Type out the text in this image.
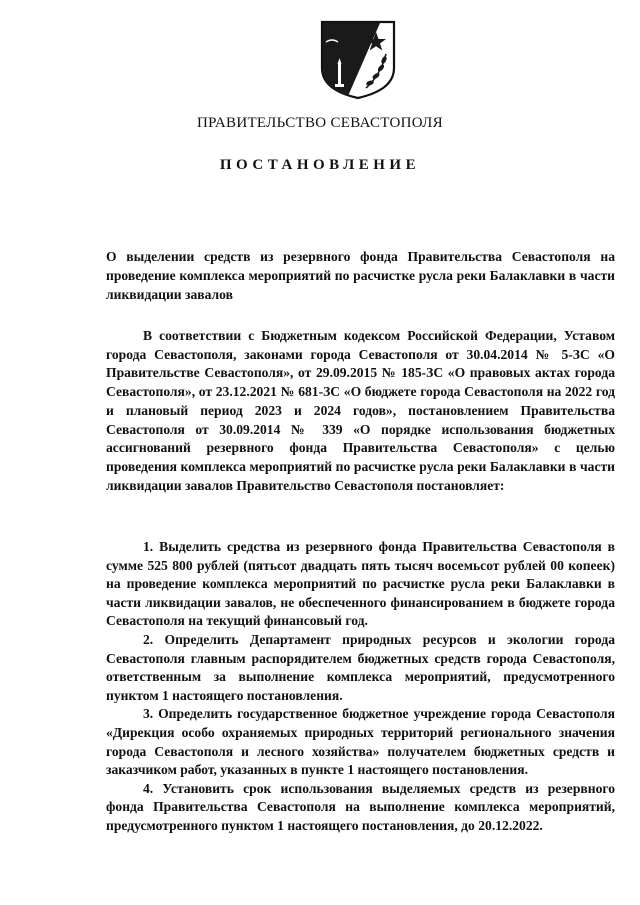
ПРАВИТЕЛЬСТВО СЕВАСТОПОЛЯ
ПОСТАНОВЛЕНИЕ
О выделении средств из резервного фонда Правительства Севастополя на проведение комплекса мероприятий по расчистке русла реки Балаклавки в части ликвидации завалов
В соответствии с Бюджетным кодексом Российской Федерации, Уставом города Севастополя, законами города Севастополя от 30.04.2014 № 5-ЗС «О Правительстве Севастополя», от 29.09.2015 № 185-ЗС «О правовых актах города Севастополя», от 23.12.2021 № 681-ЗС «О бюджете города Севастополя на 2022 год и плановый период 2023 и 2024 годов», постановлением Правительства Севастополя от 30.09.2014 № 339 «О порядке использования бюджетных ассигнований резервного фонда Правительства Севастополя» с целью проведения комплекса мероприятий по расчистке русла реки Балаклавки в части ликвидации завалов Правительство Севастополя постановляет:

1. Выделить средства из резервного фонда Правительства Севастополя в сумме 525 800 рублей (пятьсот двадцать пять тысяч восемьсот рублей 00 копеек) на проведение комплекса мероприятий по расчистке русла реки Балаклавки в части ликвидации завалов, не обеспеченного финансированием в бюджете города Севастополя на текущий финансовый год.

2. Определить Департамент природных ресурсов и экологии города Севастополя главным распорядителем бюджетных средств города Севастополя, ответственным за выполнение комплекса мероприятий, предусмотренного пунктом 1 настоящего постановления.

3. Определить государственное бюджетное учреждение города Севастополя «Дирекция особо охраняемых природных территорий регионального значения города Севастополя и лесного хозяйства» получателем бюджетных средств и заказчиком работ, указанных в пункте 1 настоящего постановления.

4. Установить срок использования выделяемых средств из резервного фонда Правительства Севастополя на выполнение комплекса мероприятий, предусмотренного пунктом 1 настоящего постановления, до 20.12.2022.
